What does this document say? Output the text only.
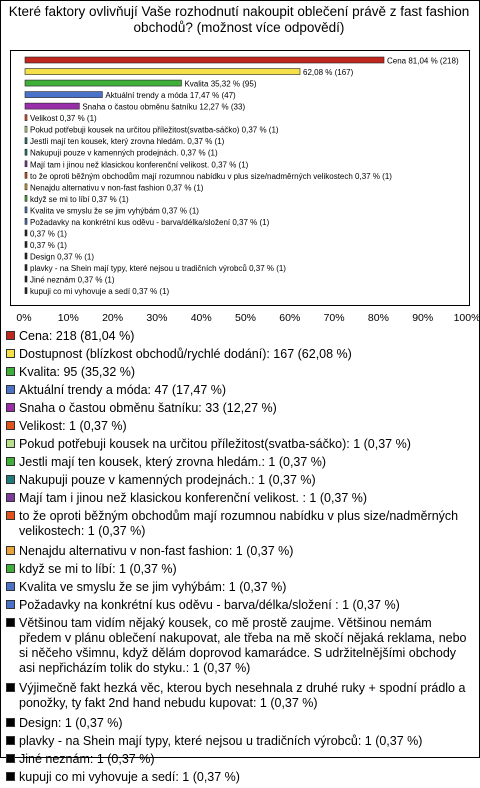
Které faktory ovlivňují Vaše rozhodnutí nakoupit oblečení právě z fast fashion obchodů? (možnost více odpovědí)
Cena 81,04 % (218)
62,08 % (167)
Kvalita 35,32 % (95)
Aktuální trendy a móda 17,47 % (47)
Snaha o častou obměnu šatníku 12,27 % (33)
Velikost 0,37 % (1)
Pokud potřebuji kousek na určitou příležitost(svatba-sáčko) 0,37 % (1)
Jestli mají ten kousek, který zrovna hledám. 0,37 % (1)
Nakupuji pouze v kamenných prodejnách. 0,37 % (1)
Mají tam i jinou než klasickou konferenční velikost. 0,37 % (1)
to že oproti běžným obchodům mají rozumnou nabídku v plus size/nadměrných velikostech 0,37 % (1)
Nenajdu alternativu v non-fast fashion 0,37 % (1)
když se mi to líbí 0,37 % (1)
Kvalita ve smyslu že se jim vyhýbám 0,37 % (1)
Požadavky na konkrétní kus oděvu - barva/délka/složení 0,37 % (1)
0,37 % (1)
0,37 % (1)
Design 0,37 % (1)
plavky - na Shein mají typy, které nejsou u tradičních výrobců 0,37 % (1)
Jiné neznám 0,37 % (1)
kupuji co mi vyhovuje a sedí 0,37 % (1)
0% 10% 20% 30% 40% 50% 60% 70% 80% 90% 100%
Cena: 218 (81,04 %)
Dostupnost (blízkost obchodů/rychlé dodání): 167 (62,08 %)
Kvalita: 95 (35,32 %)
Aktuální trendy a móda: 47 (17,47 %)
Snaha o častou obměnu šatníku: 33 (12,27 %)
Velikost: 1 (0,37 %)
Pokud potřebuji kousek na určitou příležitost(svatba-sáčko): 1 (0,37 %)
Jestli mají ten kousek, který zrovna hledám.: 1 (0,37 %)
Nakupuji pouze v kamenných prodejnách.: 1 (0,37 %)
Mají tam i jinou než klasickou konferenční velikost. : 1 (0,37 %)
to že oproti běžným obchodům mají rozumnou nabídku v plus size/nadměrných velikostech: 1 (0,37 %)
Nenajdu alternativu v non-fast fashion: 1 (0,37 %)
když se mi to líbí: 1 (0,37 %)
Kvalita ve smyslu že se jim vyhýbám: 1 (0,37 %)
Požadavky na konkrétní kus oděvu - barva/délka/složení : 1 (0,37 %)
Většinou tam vidím nějaký kousek, co mě prostě zaujme. Většinou nemám předem v plánu oblečení nakupovat, ale třeba na mě skočí nějaká reklama, nebo si něčeho všimnu, když dělám doprovod kamarádce. S udržitelnějšími obchody asi nepřicházím tolik do styku.: 1 (0,37 %)
Výjimečně fakt hezká věc, kterou bych nesehnala z druhé ruky + spodní prádlo a ponožky, ty fakt 2nd hand nebudu kupovat: 1 (0,37 %)
Design: 1 (0,37 %)
plavky - na Shein mají typy, které nejsou u tradičních výrobců: 1 (0,37 %)
Jiné neznám: 1 (0,37 %)
kupuji co mi vyhovuje a sedí: 1 (0,37 %)
